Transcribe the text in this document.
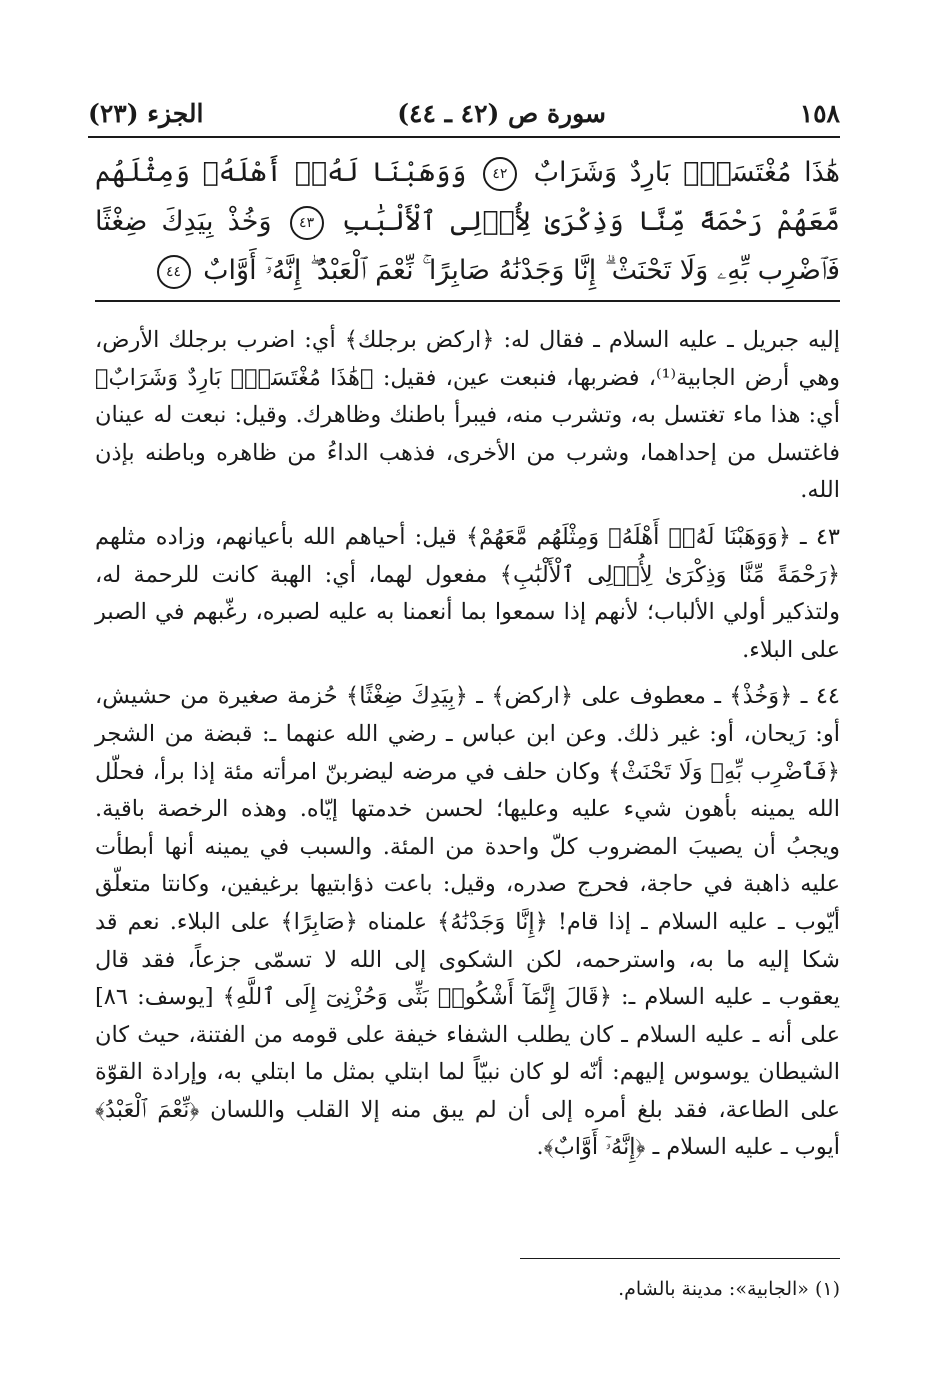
١٥٨
سورة ص (٤٢ ـ ٤٤)
الجزء (٢٣)
هَٰذَا مُغْتَسَلُۢ بَارِدٌ وَشَرَابٌ ٤٢ وَوَهَبْنَا لَهُۥٓ أَهْلَهُۥ وَمِثْلَهُم مَّعَهُمْ رَحْمَةً مِّنَّا وَذِكْرَىٰ لِأُو۟لِى ٱلْأَلْبَٰبِ ٤٣ وَخُذْ بِيَدِكَ ضِغْثًا فَٱضْرِب بِّهِۦ وَلَا تَحْنَثْ ۗ إِنَّا وَجَدْنَٰهُ صَابِرًا ۚ نِّعْمَ ٱلْعَبْدُ ۖ إِنَّهُۥٓ أَوَّابٌ ٤٤

إليه جبريل ـ عليه السلام ـ فقال له: ﴿اركض برجلك﴾ أي: اضرب برجلك الأرض، وهي أرض الجابية⁽¹⁾، فضربها، فنبعت عين، فقيل: ﴿هَٰذَا مُغْتَسَلُۢ بَارِدٌ وَشَرَابٌ﴾ أي: هذا ماء تغتسل به، وتشرب منه، فيبرأ باطنك وظاهرك. وقيل: نبعت له عينان فاغتسل من إحداهما، وشرب من الأخرى، فذهب الداءُ من ظاهره وباطنه بإذن الله.

٤٣ ـ ﴿وَوَهَبْنَا لَهُۥٓ أَهْلَهُۥ وَمِثْلَهُم مَّعَهُمْ﴾ قيل: أحياهم الله بأعيانهم، وزاده مثلهم ﴿رَحْمَةً مِّنَّا وَذِكْرَىٰ لِأُو۟لِى ٱلْأَلْبَٰبِ﴾ مفعول لهما، أي: الهبة كانت للرحمة له، ولتذكير أولي الألباب؛ لأنهم إذا سمعوا بما أنعمنا به عليه لصبره، رغّبهم في الصبر على البلاء.

٤٤ ـ ﴿وَخُذْ﴾ ـ معطوف على ﴿اركض﴾ ـ ﴿بِيَدِكَ ضِغْثًا﴾ حُزمة صغيرة من حشيش، أو: رَيحان، أو: غير ذلك. وعن ابن عباس ـ رضي الله عنهما ـ: قبضة من الشجر ﴿فَٱضْرِب بِّهِۦ وَلَا تَحْنَثْ﴾ وكان حلف في مرضه ليضربنّ امرأته مئة إذا برأ، فحلّل الله يمينه بأهون شيء عليه وعليها؛ لحسن خدمتها إيّاه. وهذه الرخصة باقية. ويجبُ أن يصيبَ المضروب كلّ واحدة من المئة. والسبب في يمينه أنها أبطأت عليه ذاهبة في حاجة، فحرج صدره، وقيل: باعت ذؤابتيها برغيفين، وكانتا متعلّق أيّوب ـ عليه السلام ـ إذا قام! ﴿إِنَّا وَجَدْنَٰهُ﴾ علمناه ﴿صَابِرًا﴾ على البلاء. نعم قد شكا إليه ما به، واسترحمه، لكن الشكوى إلى الله لا تسمّى جزعاً، فقد قال يعقوب ـ عليه السلام ـ: ﴿قَالَ إِنَّمَآ أَشْكُوا۟ بَثِّى وَحُزْنِىٓ إِلَى ٱللَّهِ﴾ [يوسف: ٨٦] على أنه ـ عليه السلام ـ كان يطلب الشفاء خيفة على قومه من الفتنة، حيث كان الشيطان يوسوس إليهم: أنّه لو كان نبيّاً لما ابتلي بمثل ما ابتلي به، وإرادة القوّة على الطاعة، فقد بلغ أمره إلى أن لم يبق منه إلا القلب واللسان ﴿نِّعْمَ ٱلْعَبْدُ﴾ أيوب ـ عليه السلام ـ ﴿إِنَّهُۥٓ أَوَّابٌ﴾.

(١) «الجابية»: مدينة بالشام.
